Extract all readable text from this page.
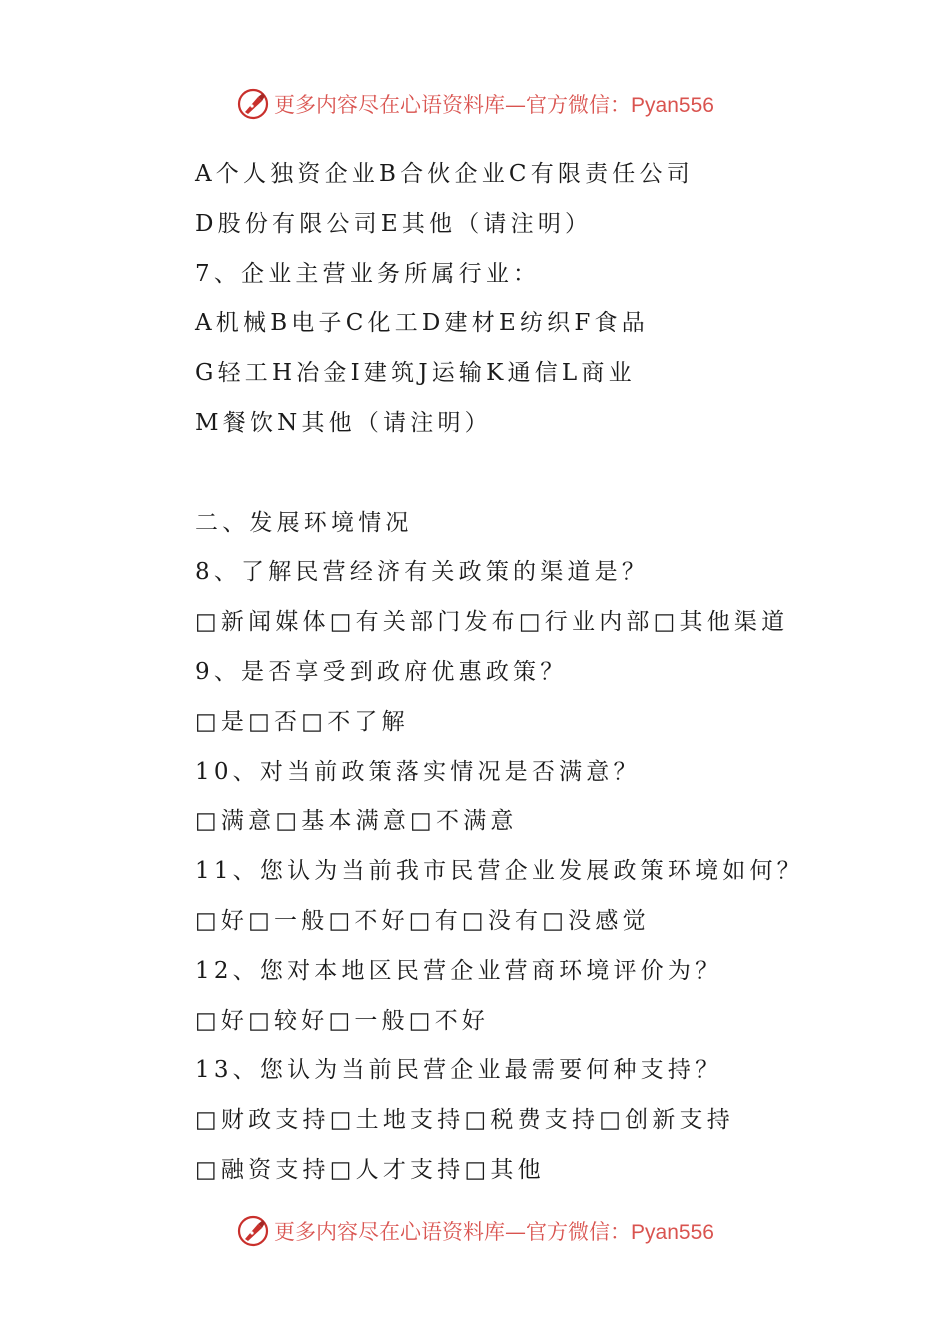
更多内容尽在心语资料库—官方微信：Pyan556
A个人独资企业B合伙企业C有限责任公司
D股份有限公司E其他（请注明）
7、企业主营业务所属行业：
A机械B电子C化工D建材E纺织F食品
G轻工H冶金I建筑J运输K通信L商业
M餐饮N其他（请注明）
二、发展环境情况
8、了解民营经济有关政策的渠道是？
□新闻媒体□有关部门发布□行业内部□其他渠道
9、是否享受到政府优惠政策？
□是□否□不了解
10、对当前政策落实情况是否满意？
□满意□基本满意□不满意
11、您认为当前我市民营企业发展政策环境如何？
□好□一般□不好□有□没有□没感觉
12、您对本地区民营企业营商环境评价为？
□好□较好□一般□不好
13、您认为当前民营企业最需要何种支持？
□财政支持□土地支持□税费支持□创新支持
□融资支持□人才支持□其他
更多内容尽在心语资料库—官方微信：Pyan556
